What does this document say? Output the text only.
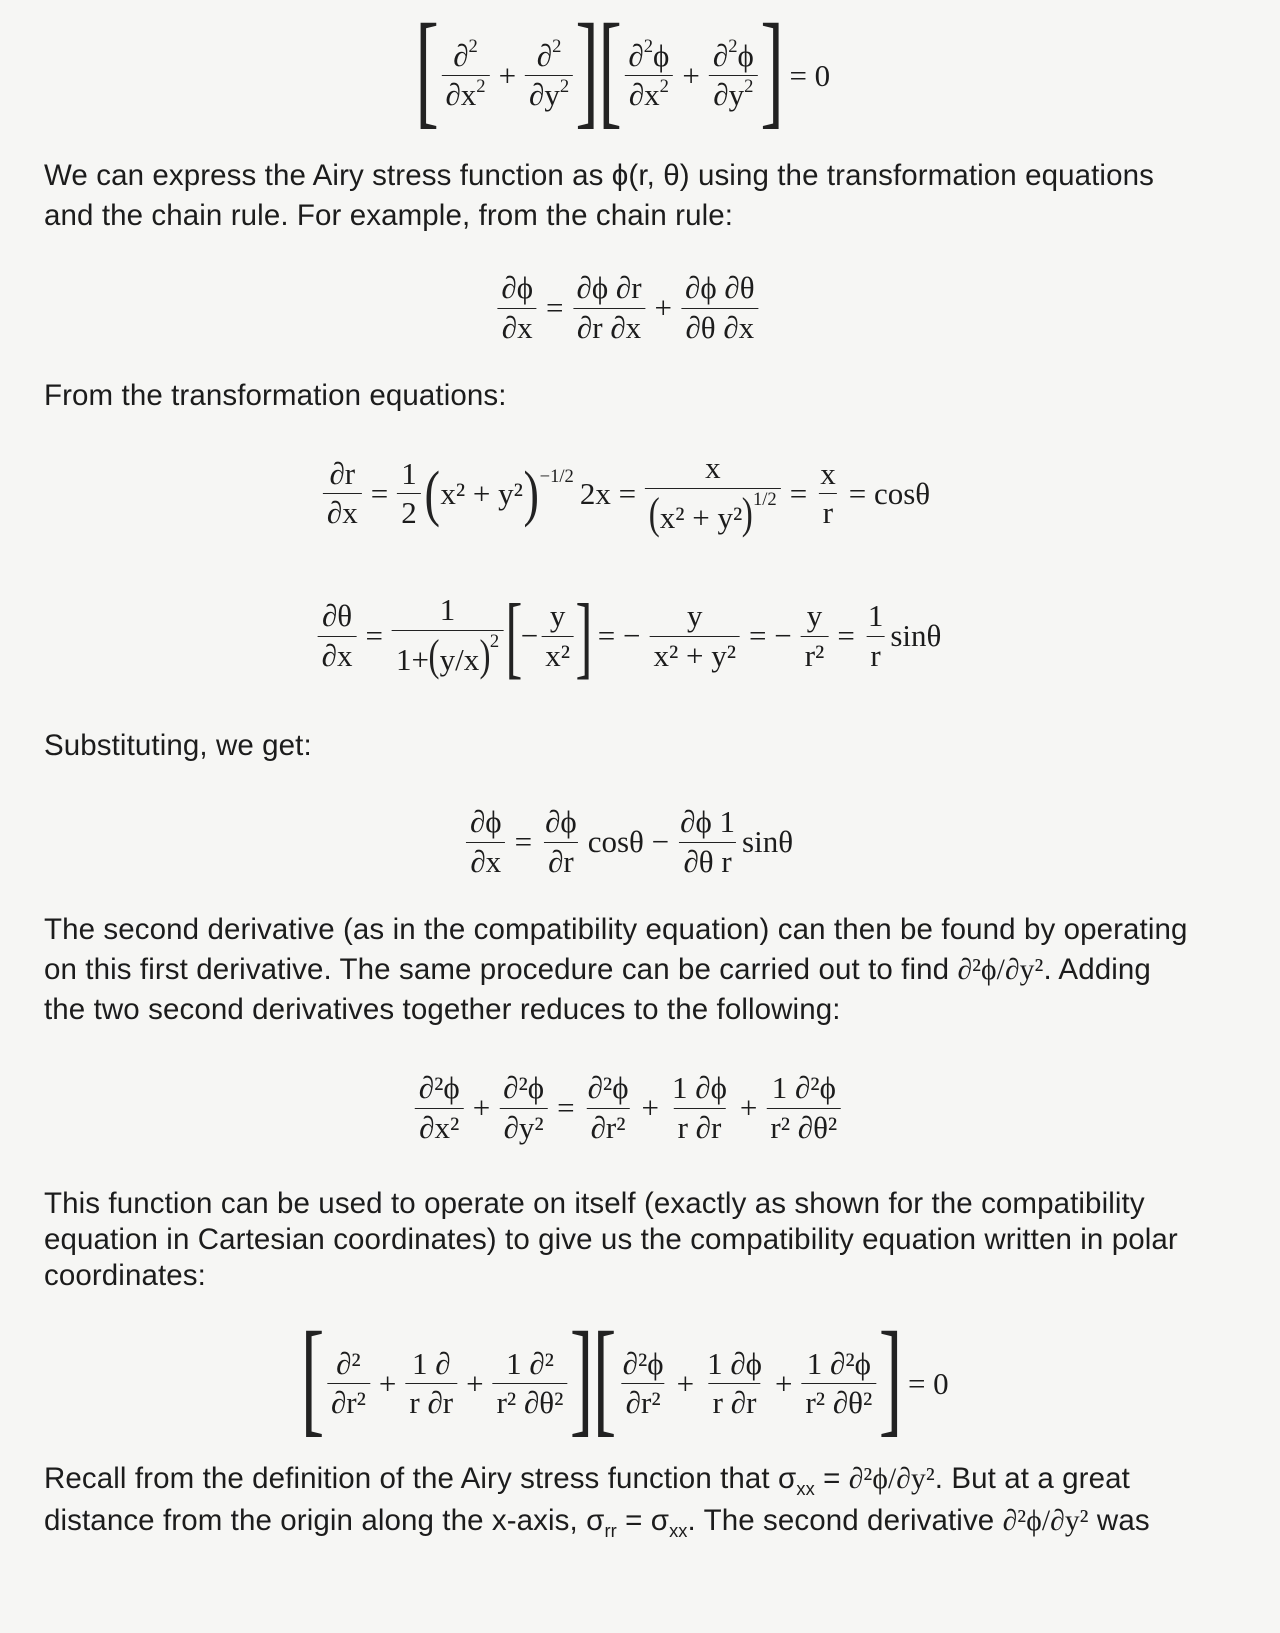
[ ∂$^2$
$\partial x^2 + \frac{\partial^2}{\partial y^2}$ ] [ ∂$^2$ϕ
$\partial x^2 + \frac{\partial^2\phi}{\partial y^2}$ ] = 0

We can express the Airy stress function as ϕ(r, θ) using the transformation equations
and the chain rule. For example, from the chain rule:

$\frac{\partial\phi}{\partial x} = \frac{\partial\phi \partial r}{\partial r \partial x} + \frac{\partial\phi \partial\theta}{\partial\theta \partial x}$

From the transformation equations:

$\frac{\partial r}{\partial x} = \frac{1}{2}$ ( x² + y² )$^{-1/2}$ $2x = \frac{x}{(x^2 + y^2)^{1/2}} = \frac{x}{r} = \cos\theta$
$\frac{\partial\theta}{\partial x} = \frac{1}{1+(y/x)^2}$ [
− $\frac{y}{\text{x²}}$ ] = − $\frac{y}{\text{x² + y²}}$ = − $\frac{y}{\text{r²}} = \frac{1}{r}$ sinθ

Substituting, we get:

$\frac{\partial\phi}{\partial x} = \frac{\partial\phi}{\partial r}$ $\cos\theta - \frac{\partial\phi 1}{\text{∂θ r}}$ sinθ

The second derivative (as in the compatibility equation) can then be found by operating
on this first derivative. The same procedure can be carried out to find ∂²ϕ/∂y². Adding
the two second derivatives together reduces to the following:

∂²ϕ
∂x²
+ $\frac{\text{∂²ϕ}}{\text{∂y²}} = \frac{\text{∂²ϕ}}{\text{∂r²}} + \frac{1 \partial\phi}{r \partial r} + \frac{\text{1 ∂²ϕ}}{\text{r² ∂θ²}}$

This function can be used to operate on itself (exactly as shown for the compatibility
equation in Cartesian coordinates) to give us the compatibility equation written in polar
coordinates:

[ ∂²
∂r²
+ $\frac{1 \partial}{r \partial r} + \frac{\text{1 ∂²}}{\text{r² ∂θ²}}$ ] [ ∂²ϕ
∂r²
+ $\frac{1 \partial\phi}{r \partial r} + \frac{\text{1 ∂²ϕ}}{\text{r² ∂θ²}}$ ] = 0

Recall from the definition of the Airy stress function that $\sigma_{xx} = \partial^2\phi/\partial y^2$. But at a great
distance from the origin along the x-axis, $\sigma_{rr} = \sigma_{xx}$. The second derivative ∂²ϕ/∂y² was
